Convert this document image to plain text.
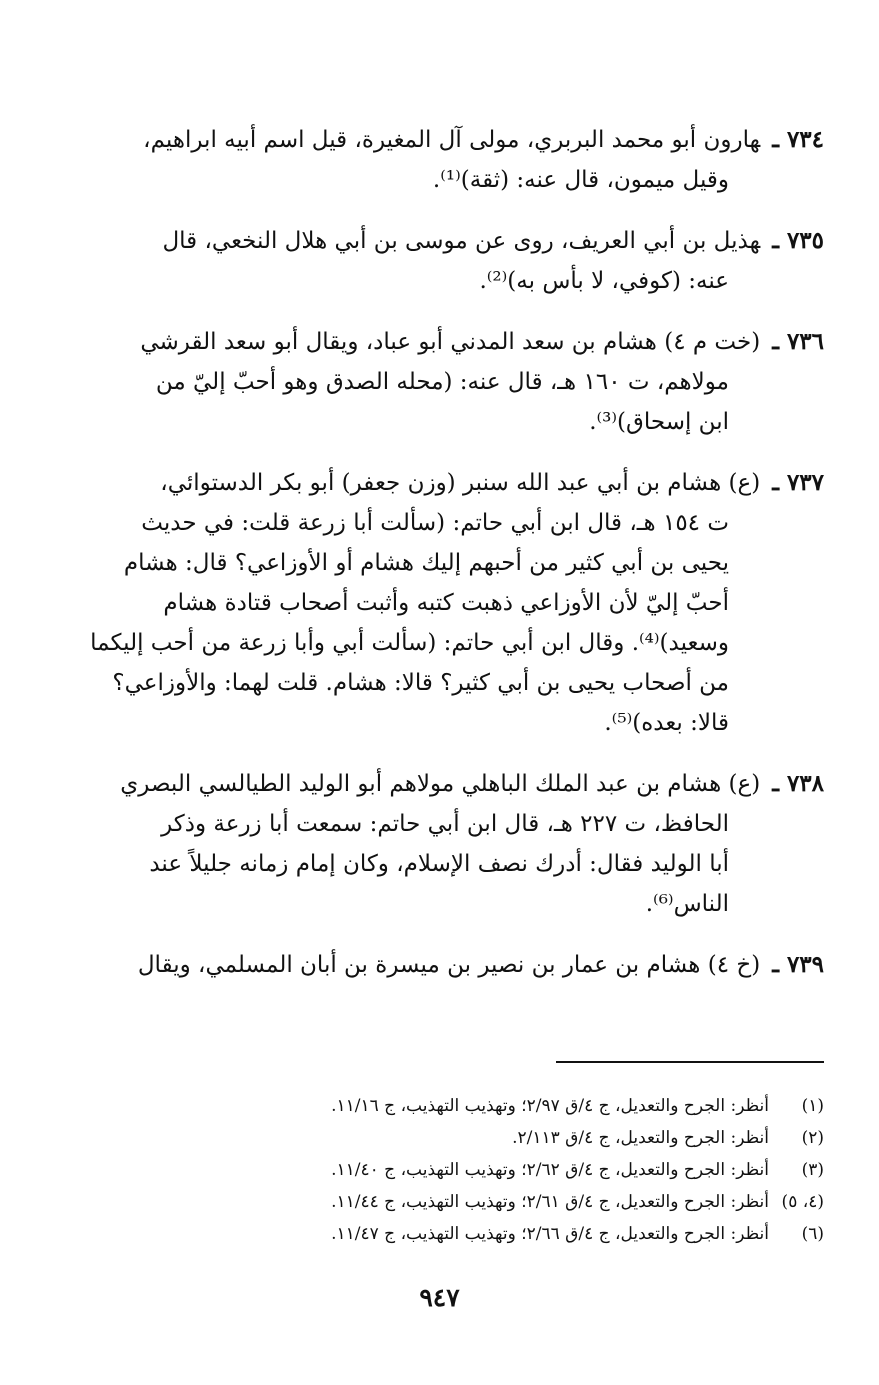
٧٣٤ ـهارون أبو محمد البربري، مولى آل المغيرة، قيل اسم أبيه ابراهيم،
وقيل ميمون، قال عنه: (ثقة)⁽¹⁾.
٧٣٥ ـهذيل بن أبي العريف، روى عن موسى بن أبي هلال النخعي، قال
عنه: (كوفي، لا بأس به)⁽²⁾.
٧٣٦ ـ(خت م ٤) هشام بن سعد المدني أبو عباد، ويقال أبو سعد القرشي
مولاهم، ت ١٦٠ هـ، قال عنه: (محله الصدق وهو أحبّ إليّ من
ابن إسحاق)⁽³⁾.
٧٣٧ ـ(ع) هشام بن أبي عبد الله سنبر (وزن جعفر) أبو بكر الدستوائي،
ت ١٥٤ هـ، قال ابن أبي حاتم: (سألت أبا زرعة قلت: في حديث
يحيى بن أبي كثير من أحبهم إليك هشام أو الأوزاعي؟ قال: هشام
أحبّ إليّ لأن الأوزاعي ذهبت كتبه وأثبت أصحاب قتادة هشام
وسعيد)⁽⁴⁾. وقال ابن أبي حاتم: (سألت أبي وأبا زرعة من أحب إليكما
من أصحاب يحيى بن أبي كثير؟ قالا: هشام. قلت لهما: والأوزاعي؟
قالا: بعده)⁽⁵⁾.
٧٣٨ ـ(ع) هشام بن عبد الملك الباهلي مولاهم أبو الوليد الطيالسي البصري
الحافظ، ت ٢٢٧ هـ، قال ابن أبي حاتم: سمعت أبا زرعة وذكر
أبا الوليد فقال: أدرك نصف الإسلام، وكان إمام زمانه جليلاً عند
الناس⁽⁶⁾.
٧٣٩ ـ(خ ٤) هشام بن عمار بن نصير بن ميسرة بن أبان المسلمي، ويقال
(١)أنظر: الجرح والتعديل، ج ٤/ق ٢/٩٧؛ وتهذيب التهذيب، ج ١١/١٦.
(٢)أنظر: الجرح والتعديل، ج ٤/ق ٢/١١٣.
(٣)أنظر: الجرح والتعديل، ج ٤/ق ٢/٦٢؛ وتهذيب التهذيب، ج ١١/٤٠.
(٤، ٥)أنظر: الجرح والتعديل، ج ٤/ق ٢/٦١؛ وتهذيب التهذيب، ج ١١/٤٤.
(٦)أنظر: الجرح والتعديل، ج ٤/ق ٢/٦٦؛ وتهذيب التهذيب، ج ١١/٤٧.
٩٤٧
